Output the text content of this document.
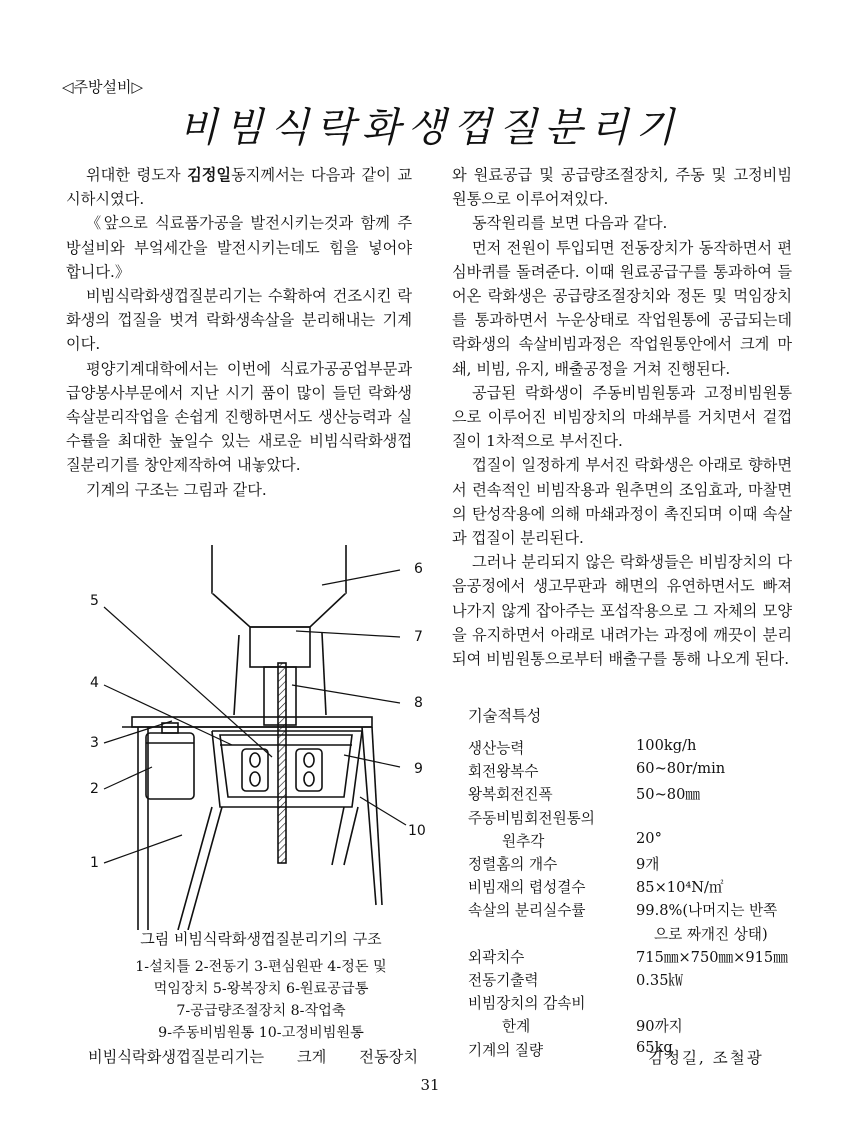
◁주방설비▷
비빔식락화생껍질분리기

위대한 령도자 김정일동지께서는 다음과 같이 교시하시였다.

《앞으로 식료품가공을 발전시키는것과 함께 주방설비와 부엌세간을 발전시키는데도 힘을 넣어야 합니다.》

비빔식락화생껍질분리기는 수확하여 건조시킨 락화생의 껍질을 벗겨 락화생속살을 분리해내는 기계이다.

평양기계대학에서는 이번에 식료가공공업부문과 급양봉사부문에서 지난 시기 품이 많이 들던 락화생속살분리작업을 손쉽게 진행하면서도 생산능력과 실수률을 최대한 높일수 있는 새로운 비빔식락화생껍질분리기를 창안제작하여 내놓았다.

기계의 구조는 그림과 같다.

와 원료공급 및 공급량조절장치, 주동 및 고정비빔원통으로 이루어져있다.

동작원리를 보면 다음과 같다.

먼저 전원이 투입되면 전동장치가 동작하면서 편심바퀴를 돌려준다. 이때 원료공급구를 통과하여 들어온 락화생은 공급량조절장치와 정돈 및 먹임장치를 통과하면서 누운상태로 작업원통에 공급되는데 락화생의 속살비빔과정은 작업원통안에서 크게 마쇄, 비빔, 유지, 배출공정을 거쳐 진행된다.

공급된 락화생이 주동비빔원통과 고정비빔원통으로 이루어진 비빔장치의 마쇄부를 거치면서 겉껍질이 1차적으로 부서진다.

껍질이 일정하게 부서진 락화생은 아래로 향하면서 련속적인 비빔작용과 원추면의 조임효과, 마찰면의 탄성작용에 의해 마쇄과정이 촉진되며 이때 속살과 껍질이 분리된다.

그러나 분리되지 않은 락화생들은 비빔장치의 다음공정에서 생고무판과 해면의 유연하면서도 빠져나가지 않게 잡아주는 포섭작용으로 그 자체의 모양을 유지하면서 아래로 내려가는 과정에 깨끗이 분리되여 비빔원통으로부터 배출구를 통해 나오게 된다.

1
2
3
4
5
6
7
8
9
10
그림 비빔식락화생껍질분리기의 구조
1-설치틀 2-전동기 3-편심원판 4-정돈 및
먹임장치 5-왕복장치 6-원료공급통
7-공급량조절장치 8-작업축
9-주동비빔원통 10-고정비빔원통
비빔식락화생껍질분리기는 크게 전동장치
기술적특성
생산능력	100kg/h
회전왕복수	60~80r/min
왕복회전진폭	50~80㎜
주동비빔회전원통의
원추각	20°
정렬홈의 개수	9개
비빔재의 렵성결수	85×10⁴N/㎡
속살의 분리실수률	99.8%(나머지는 반쪽
으로 짜개진 상태)
외곽치수	715㎜×750㎜×915㎜
전동기출력	0.35㎾
비빔장치의 감속비
한계	90까지
기계의 질량	65kg
김정길, 조철광
31
